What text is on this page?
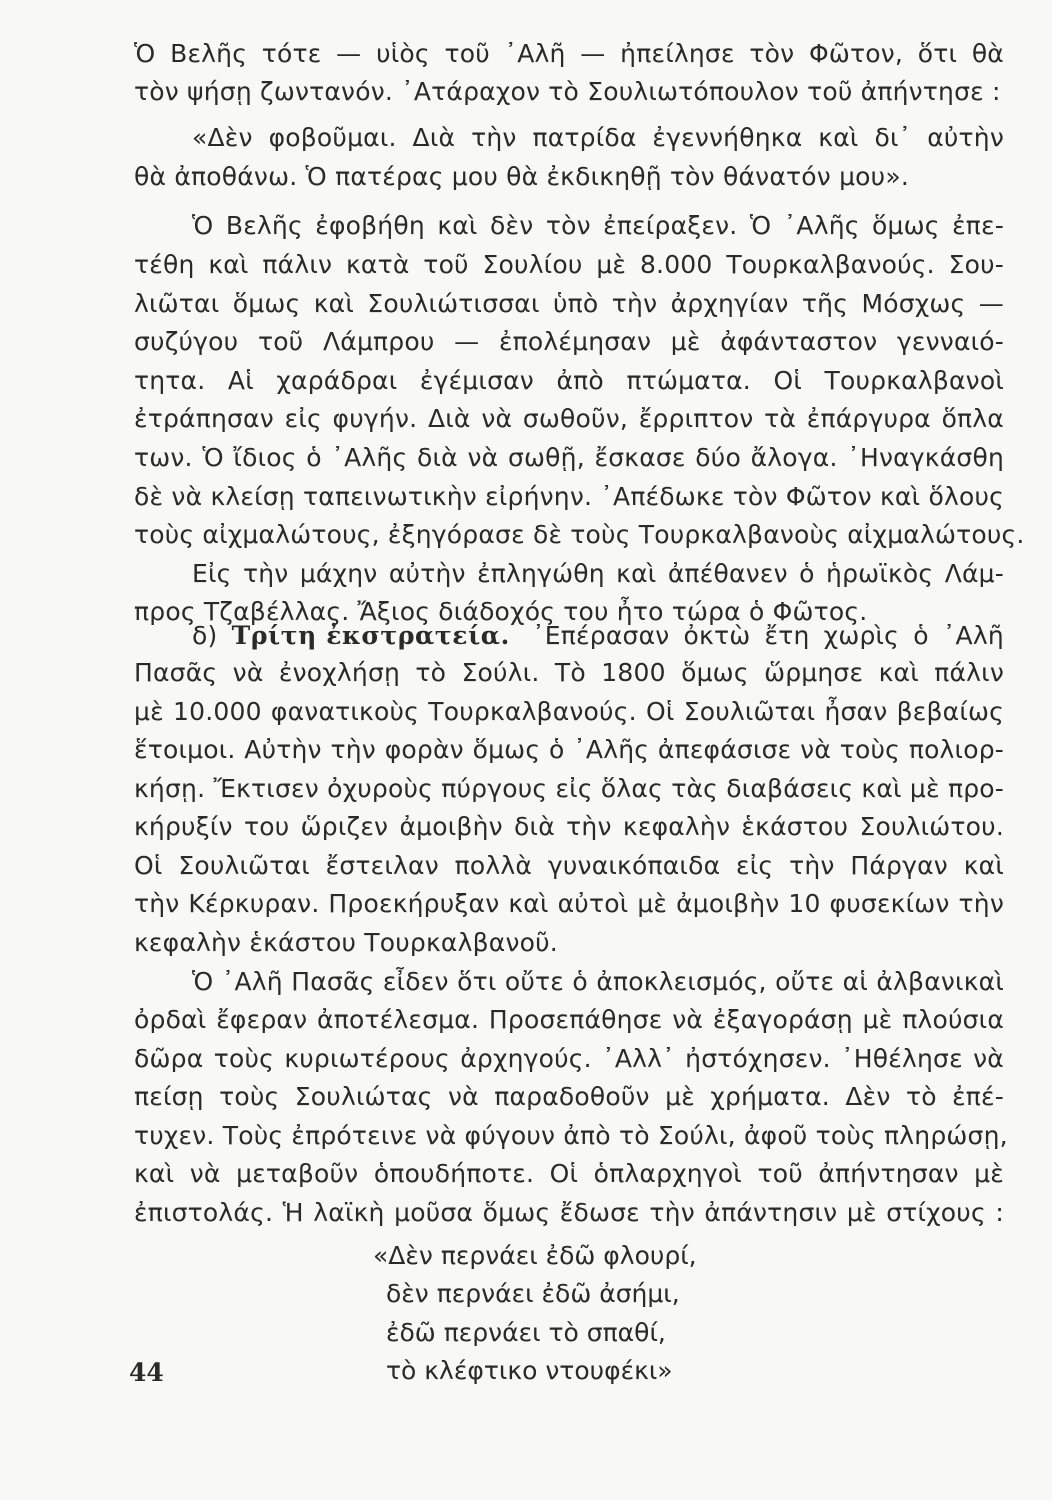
Ὁ Βελῆς τότε — υἱὸς τοῦ ᾿Αλῆ — ἠπείλησε τὸν Φῶτον, ὅτι θὰ
τὸν ψήσῃ ζωντανόν. ᾿Ατάραχον τὸ Σουλιωτόπουλον τοῦ ἀπήντησε :
«Δὲν φοβοῦμαι. Διὰ τὴν πατρίδα ἐγεννήθηκα καὶ δι᾿ αὐτὴν
θὰ ἀποθάνω. Ὁ πατέρας μου θὰ ἐκδικηθῇ τὸν θάνατόν μου».
Ὁ Βελῆς ἐφοβήθη καὶ δὲν τὸν ἐπείραξεν. Ὁ ᾿Αλῆς ὅμως ἐπε-
τέθη καὶ πάλιν κατὰ τοῦ Σουλίου μὲ 8.000 Τουρκαλβανούς. Σου-
λιῶται ὅμως καὶ Σουλιώτισσαι ὑπὸ τὴν ἀρχηγίαν τῆς Μόσχως —
συζύγου τοῦ Λάμπρου — ἐπολέμησαν μὲ ἀφάνταστον γενναιό-
τητα. Αἱ χαράδραι ἐγέμισαν ἀπὸ πτώματα. Οἱ Τουρκαλβανοὶ
ἐτράπησαν εἰς φυγήν. Διὰ νὰ σωθοῦν, ἔρριπτον τὰ ἐπάργυρα ὅπλα
των. Ὁ ἴδιος ὁ ᾿Αλῆς διὰ νὰ σωθῇ, ἔσκασε δύο ἄλογα. ᾿Ηναγκάσθη
δὲ νὰ κλείσῃ ταπεινωτικὴν εἰρήνην. ᾿Απέδωκε τὸν Φῶτον καὶ ὅλους
τοὺς αἰχμαλώτους, ἐξηγόρασε δὲ τοὺς Τουρκαλβανοὺς αἰχμαλώτους.
Εἰς τὴν μάχην αὐτὴν ἐπληγώθη καὶ ἀπέθανεν ὁ ἡρωϊκὸς Λάμ-
προς Τζαβέλλας. Ἄξιος διάδοχός του ἦτο τώρα ὁ Φῶτος.
δ) Τρίτη ἐκστρατεία. ᾿Επέρασαν ὀκτὼ ἔτη χωρὶς ὁ ᾿Αλῆ
Πασᾶς νὰ ἐνοχλήσῃ τὸ Σούλι. Τὸ 1800 ὅμως ὥρμησε καὶ πάλιν
μὲ 10.000 φανατικοὺς Τουρκαλβανούς. Οἱ Σουλιῶται ἦσαν βεβαίως
ἕτοιμοι. Αὐτὴν τὴν φορὰν ὅμως ὁ ᾿Αλῆς ἀπεφάσισε νὰ τοὺς πολιορ-
κήσῃ. Ἔκτισεν ὀχυροὺς πύργους εἰς ὅλας τὰς διαβάσεις καὶ μὲ προ-
κήρυξίν του ὥριζεν ἀμοιβὴν διὰ τὴν κεφαλὴν ἑκάστου Σουλιώτου.
Οἱ Σουλιῶται ἔστειλαν πολλὰ γυναικόπαιδα εἰς τὴν Πάργαν καὶ
τὴν Κέρκυραν. Προεκήρυξαν καὶ αὐτοὶ μὲ ἀμοιβὴν 10 φυσεκίων τὴν
κεφαλὴν ἑκάστου Τουρκαλβανοῦ.
Ὁ ᾿Αλῆ Πασᾶς εἶδεν ὅτι οὔτε ὁ ἀποκλεισμός, οὔτε αἱ ἀλβανικαὶ
ὀρδαὶ ἔφεραν ἀποτέλεσμα. Προσεπάθησε νὰ ἐξαγοράσῃ μὲ πλούσια
δῶρα τοὺς κυριωτέρους ἀρχηγούς. ᾿Αλλ᾿ ἠστόχησεν. ᾿Ηθέλησε νὰ
πείσῃ τοὺς Σουλιώτας νὰ παραδοθοῦν μὲ χρήματα. Δὲν τὸ ἐπέ-
τυχεν. Τοὺς ἐπρότεινε νὰ φύγουν ἀπὸ τὸ Σούλι, ἀφοῦ τοὺς πληρώσῃ,
καὶ νὰ μεταβοῦν ὁπουδήποτε. Οἱ ὁπλαρχηγοὶ τοῦ ἀπήντησαν μὲ
ἐπιστολάς. Ἡ λαϊκὴ μοῦσα ὅμως ἔδωσε τὴν ἀπάντησιν μὲ στίχους :
«Δὲν περνάει ἐδῶ φλουρί,
δὲν περνάει ἐδῶ ἀσήμι,
ἐδῶ περνάει τὸ σπαθί,
τὸ κλέφτικο ντουφέκι»
44
